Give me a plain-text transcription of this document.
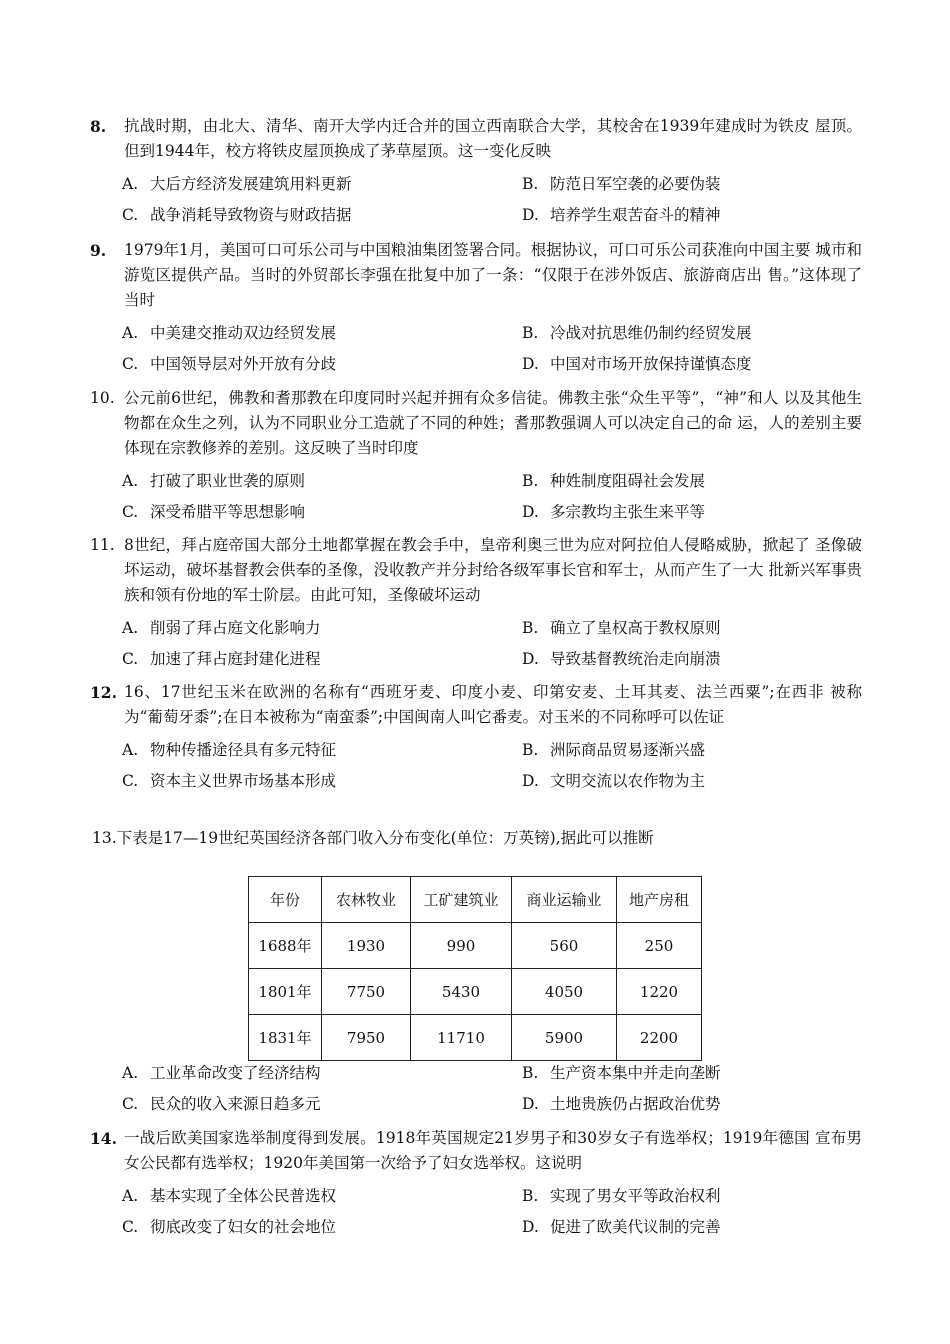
8.	抗战时期，由北大、清华、南开大学内迁合并的国立西南联合大学，其校舍在1939年建成时为铁皮 屋顶。但到1944年，校方将铁皮屋顶换成了茅草屋顶。这一变化反映
A. 大后方经济发展建筑用料更新	B. 防范日军空袭的必要伪装
C. 战争消耗导致物资与财政拮据	D. 培养学生艰苦奋斗的精神
9.	1979年1月，美国可口可乐公司与中国粮油集团签署合同。根据协议，可口可乐公司获准向中国主要 城市和游览区提供产品。当时的外贸部长李强在批复中加了一条：“仅限于在涉外饭店、旅游商店出 售。”这体现了当时
A. 中美建交推动双边经贸发展	B. 冷战对抗思维仍制约经贸发展
C. 中国领导层对外开放有分歧	D. 中国对市场开放保持谨慎态度
10. 公元前6世纪，佛教和耆那教在印度同时兴起并拥有众多信徒。佛教主张“众生平等”，“神”和人 以及其他生物都在众生之列，认为不同职业分工造就了不同的种姓；耆那教强调人可以决定自己的命 运，人的差别主要体现在宗教修养的差别。这反映了当时印度
A. 打破了职业世袭的原则	B. 种姓制度阻碍社会发展
C. 深受希腊平等思想影响	D. 多宗教均主张生来平等
11. 8世纪，拜占庭帝国大部分土地都掌握在教会手中，皇帝利奥三世为应对阿拉伯人侵略威胁，掀起了 圣像破坏运动，破坏基督教会供奉的圣像，没收教产并分封给各级军事长官和军士，从而产生了一大 批新兴军事贵族和领有份地的军士阶层。由此可知，圣像破坏运动
A. 削弱了拜占庭文化影响力	B. 确立了皇权高于教权原则
C. 加速了拜占庭封建化进程	D. 导致基督教统治走向崩溃
12. 16、17世纪玉米在欧洲的名称有“西班牙麦、印度小麦、印第安麦、土耳其麦、法兰西粟”;在西非 被称为“葡萄牙黍”;在日本被称为“南蛮黍”;中国闽南人叫它番麦。对玉米的不同称呼可以佐证
A. 物种传播途径具有多元特征	B. 洲际商品贸易逐渐兴盛
C. 资本主义世界市场基本形成	D. 文明交流以农作物为主
13.下表是17—19世纪英国经济各部门收入分布变化(单位：万英镑),据此可以推断
年份	农林牧业	工矿建筑业	商业运输业	地产房租
1688年	1930	990	560	250
1801年	7750	5430	4050	1220
1831年	7950	11710	5900	2200
A. 工业革命改变了经济结构	B. 生产资本集中并走向垄断
C. 民众的收入来源日趋多元	D. 土地贵族仍占据政治优势
14. 一战后欧美国家选举制度得到发展。1918年英国规定21岁男子和30岁女子有选举权；1919年德国 宣布男女公民都有选举权；1920年美国第一次给予了妇女选举权。这说明
A. 基本实现了全体公民普选权	B. 实现了男女平等政治权利
C. 彻底改变了妇女的社会地位	D. 促进了欧美代议制的完善
